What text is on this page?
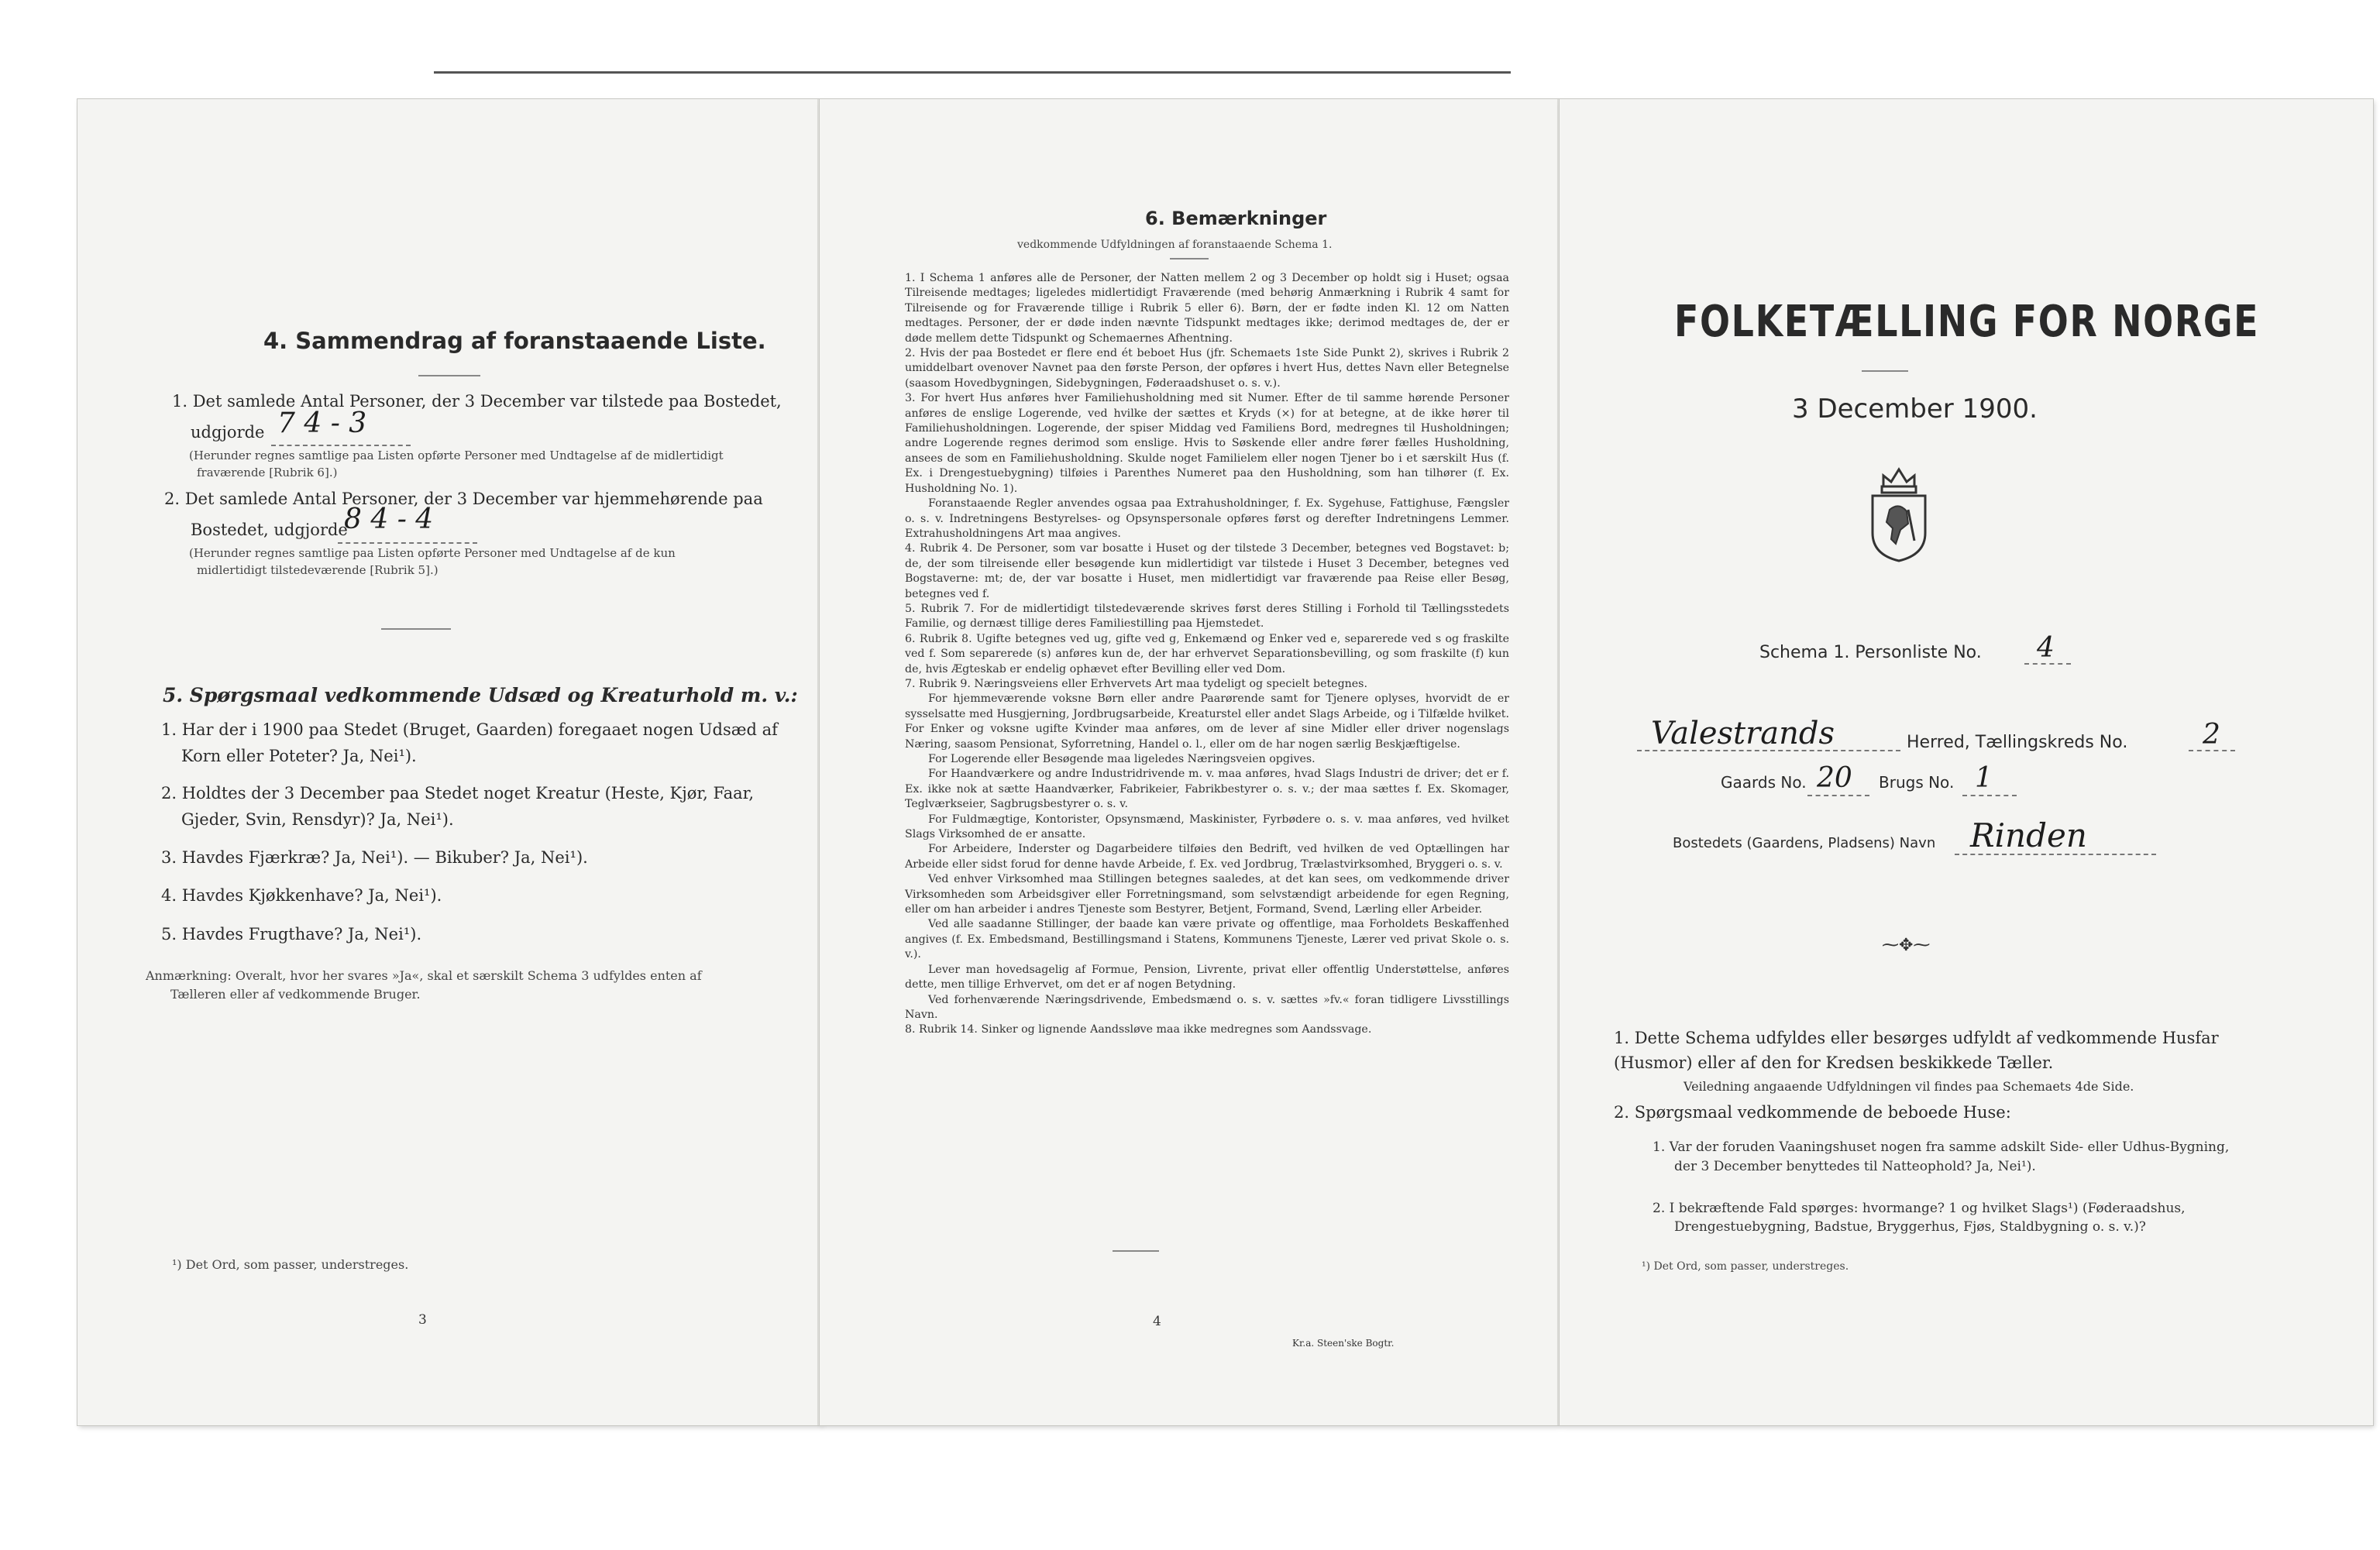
4. Sammendrag af foranstaaende Liste.
1. Det samlede Antal Personer, der 3 December var tilstede paa Bostedet,
udgjorde 7 4 - 3
(Herunder regnes samtlige paa Listen opførte Personer med Undtagelse af de midlertidigt
fraværende [Rubrik 6].)
2. Det samlede Antal Personer, der 3 December var hjemmehørende paa
Bostedet, udgjorde
8 4 - 4
(Herunder regnes samtlige paa Listen opførte Personer med Undtagelse af de kun
midlertidigt tilstedeværende [Rubrik 5].)
5. Spørgsmaal vedkommende Udsæd og Kreaturhold m. v.:
1. Har der i 1900 paa Stedet (Bruget, Gaarden) foregaaet nogen Udsæd af
Korn eller Poteter? Ja, Nei¹).
2. Holdtes der 3 December paa Stedet noget Kreatur (Heste, Kjør, Faar,
Gjeder, Svin, Rensdyr)? Ja, Nei¹).
3. Havdes Fjærkræ? Ja, Nei¹). — Bikuber? Ja, Nei¹).
4. Havdes Kjøkkenhave? Ja, Nei¹).
5. Havdes Frugthave? Ja, Nei¹).
Anmærkning: Overalt, hvor her svares »Ja«, skal et særskilt Schema 3 udfyldes enten af
Tælleren eller af vedkommende Bruger.
¹) Det Ord, som passer, understreges.
3
6. Bemærkninger
vedkommende Udfyldningen af foranstaaende Schema 1.

1. I Schema 1 anføres alle de Personer, der Natten mellem 2 og 3 December op holdt sig i Huset; ogsaa Tilreisende medtages; ligeledes midlertidigt Fraværende (med behørig Anmærkning i Rubrik 4 samt for Tilreisende og for Fraværende tillige i Rubrik 5 eller 6). Børn, der er fødte inden Kl. 12 om Natten medtages. Personer, der er døde inden nævnte Tidspunkt medtages ikke; derimod medtages de, der er døde mellem dette Tidspunkt og Schemaernes Afhentning.

2. Hvis der paa Bostedet er flere end ét beboet Hus (jfr. Schemaets 1ste Side Punkt 2), skrives i Rubrik 2 umiddelbart ovenover Navnet paa den første Person, der opføres i hvert Hus, dettes Navn eller Betegnelse (saasom Hovedbygningen, Sidebygningen, Føderaadshuset o. s. v.).

3. For hvert Hus anføres hver Familiehusholdning med sit Numer. Efter de til samme hørende Personer anføres de enslige Logerende, ved hvilke der sættes et Kryds (×) for at betegne, at de ikke hører til Familiehusholdningen. Logerende, der spiser Middag ved Familiens Bord, medregnes til Husholdningen; andre Logerende regnes derimod som enslige. Hvis to Søskende eller andre fører fælles Husholdning, ansees de som en Familiehusholdning. Skulde noget Familielem eller nogen Tjener bo i et særskilt Hus (f. Ex. i Drengestuebygning) tilføies i Parenthes Numeret paa den Husholdning, som han tilhører (f. Ex. Husholdning No. 1).

Foranstaaende Regler anvendes ogsaa paa Extrahusholdninger, f. Ex. Sygehuse, Fattighuse, Fængsler o. s. v. Indretningens Bestyrelses- og Opsynspersonale opføres først og derefter Indretningens Lemmer. Extrahusholdningens Art maa angives.

4. Rubrik 4. De Personer, som var bosatte i Huset og der tilstede 3 December, betegnes ved Bogstavet: b; de, der som tilreisende eller besøgende kun midlertidigt var tilstede i Huset 3 December, betegnes ved Bogstaverne: mt; de, der var bosatte i Huset, men midlertidigt var fraværende paa Reise eller Besøg, betegnes ved f.

5. Rubrik 7. For de midlertidigt tilstedeværende skrives først deres Stilling i Forhold til Tællingsstedets Familie, og dernæst tillige deres Familiestilling paa Hjemstedet.

6. Rubrik 8. Ugifte betegnes ved ug, gifte ved g, Enkemænd og Enker ved e, separerede ved s og fraskilte ved f. Som separerede (s) anføres kun de, der har erhvervet Separationsbevilling, og som fraskilte (f) kun de, hvis Ægteskab er endelig ophævet efter Bevilling eller ved Dom.

7. Rubrik 9. Næringsveiens eller Erhvervets Art maa tydeligt og specielt betegnes.

For hjemmeværende voksne Børn eller andre Paarørende samt for Tjenere oplyses, hvorvidt de er sysselsatte med Husgjerning, Jordbrugsarbeide, Kreaturstel eller andet Slags Arbeide, og i Tilfælde hvilket. For Enker og voksne ugifte Kvinder maa anføres, om de lever af sine Midler eller driver nogenslags Næring, saasom Pensionat, Syforretning, Handel o. l., eller om de har nogen særlig Beskjæftigelse.

For Logerende eller Besøgende maa ligeledes Næringsveien opgives.

For Haandværkere og andre Industridrivende m. v. maa anføres, hvad Slags Industri de driver; det er f. Ex. ikke nok at sætte Haandværker, Fabrikeier, Fabrikbestyrer o. s. v.; der maa sættes f. Ex. Skomager, Teglværkseier, Sagbrugsbestyrer o. s. v.

For Fuldmægtige, Kontorister, Opsynsmænd, Maskinister, Fyrbødere o. s. v. maa anføres, ved hvilket Slags Virksomhed de er ansatte.

For Arbeidere, Inderster og Dagarbeidere tilføies den Bedrift, ved hvilken de ved Optællingen har Arbeide eller sidst forud for denne havde Arbeide, f. Ex. ved Jordbrug, Trælastvirksomhed, Bryggeri o. s. v.

Ved enhver Virksomhed maa Stillingen betegnes saaledes, at det kan sees, om vedkommende driver Virksomheden som Arbeidsgiver eller Forretningsmand, som selvstændigt arbeidende for egen Regning, eller om han arbeider i andres Tjeneste som Bestyrer, Betjent, Formand, Svend, Lærling eller Arbeider.

Ved alle saadanne Stillinger, der baade kan være private og offentlige, maa Forholdets Beskaffenhed angives (f. Ex. Embedsmand, Bestillingsmand i Statens, Kommunens Tjeneste, Lærer ved privat Skole o. s. v.).

Lever man hovedsagelig af Formue, Pension, Livrente, privat eller offentlig Understøttelse, anføres dette, men tillige Erhvervet, om det er af nogen Betydning.

Ved forhenværende Næringsdrivende, Embedsmænd o. s. v. sættes »fv.« foran tidligere Livsstillings Navn.

8. Rubrik 14. Sinker og lignende Aandssløve maa ikke medregnes som Aandssvage.

4
Kr.a. Steen'ske Bogtr.
FOLKETÆLLING FOR NORGE
3 December 1900.
Schema 1. Personliste No. 4
Valestrands	Herred, Tællingskreds No.	2
Gaards No. 20 Brugs No. 1
Bostedets (Gaardens, Pladsens) Navn Rinden
⁓✥⁓
1. Dette Schema udfyldes eller besørges udfyldt af vedkommende Husfar (Husmor) eller af den for Kredsen beskikkede Tæller.
Veiledning angaaende Udfyldningen vil findes paa Schemaets 4de Side.
2. Spørgsmaal vedkommende de beboede Huse:
1. Var der foruden Vaaningshuset nogen fra samme adskilt Side- eller Udhus-Bygning,
der 3 December benyttedes til Natteophold? Ja, Nei¹).
2. I bekræftende Fald spørges: hvormange? 1 og hvilket Slags¹) (Føderaadshus,
Drengestuebygning, Badstue, Bryggerhus, Fjøs, Staldbygning o. s. v.)?
¹) Det Ord, som passer, understreges.
